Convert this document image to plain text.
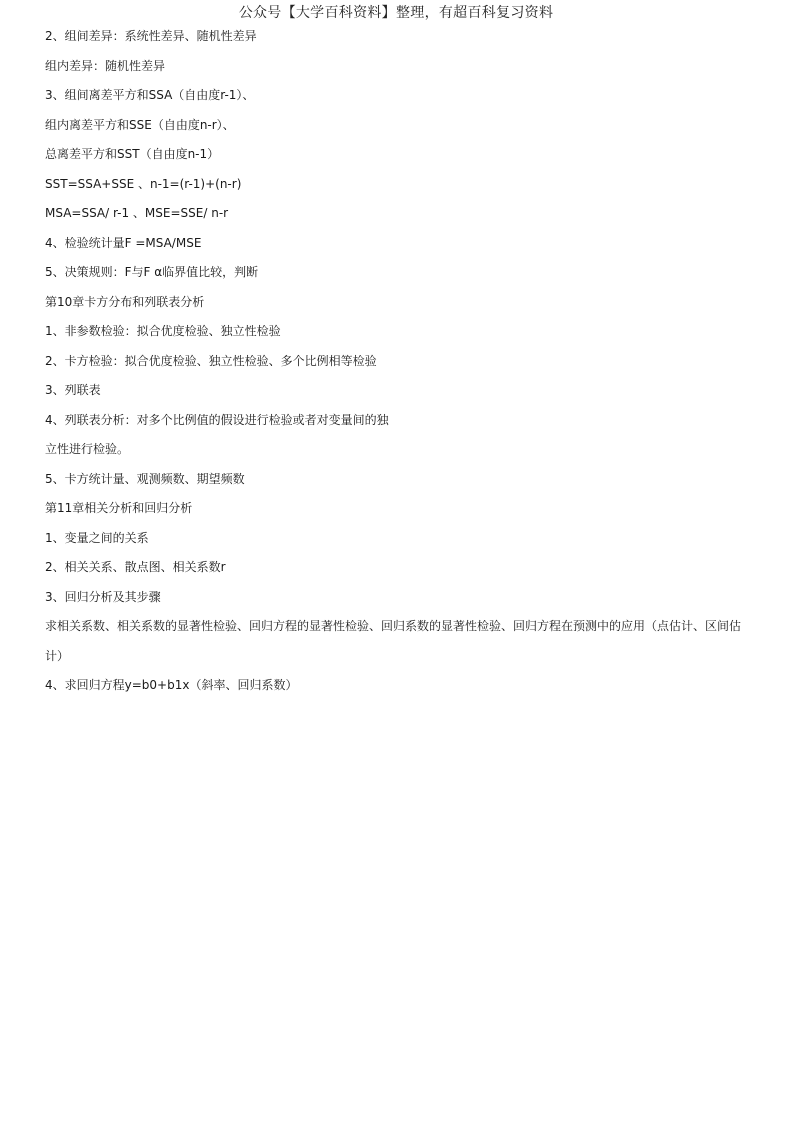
公众号【大学百科资料】整理，有超百科复习资料
2、组间差异：系统性差异、随机性差异
组内差异：随机性差异
3、组间离差平方和SSA（自由度r-1）、
组内离差平方和SSE（自由度n-r）、
总离差平方和SST（自由度n-1）
SST=SSA+SSE 、n-1=(r-1)+(n-r)
MSA=SSA/ r-1 、MSE=SSE/ n-r
4、检验统计量F =MSA/MSE
5、决策规则：F与F α临界值比较，判断
第10章卡方分布和列联表分析
1、非参数检验：拟合优度检验、独立性检验
2、卡方检验：拟合优度检验、独立性检验、多个比例相等检验
3、列联表
4、列联表分析：对多个比例值的假设进行检验或者对变量间的独
立性进行检验。
5、卡方统计量、观测频数、期望频数
第11章相关分析和回归分析
1、变量之间的关系
2、相关关系、散点图、相关系数r
3、回归分析及其步骤
求相关系数、相关系数的显著性检验、回归方程的显著性检验、回归系数的显著性检验、回归方程在预测中的应用（点估计、区间估计）
4、求回归方程y=b0+b1x（斜率、回归系数）
